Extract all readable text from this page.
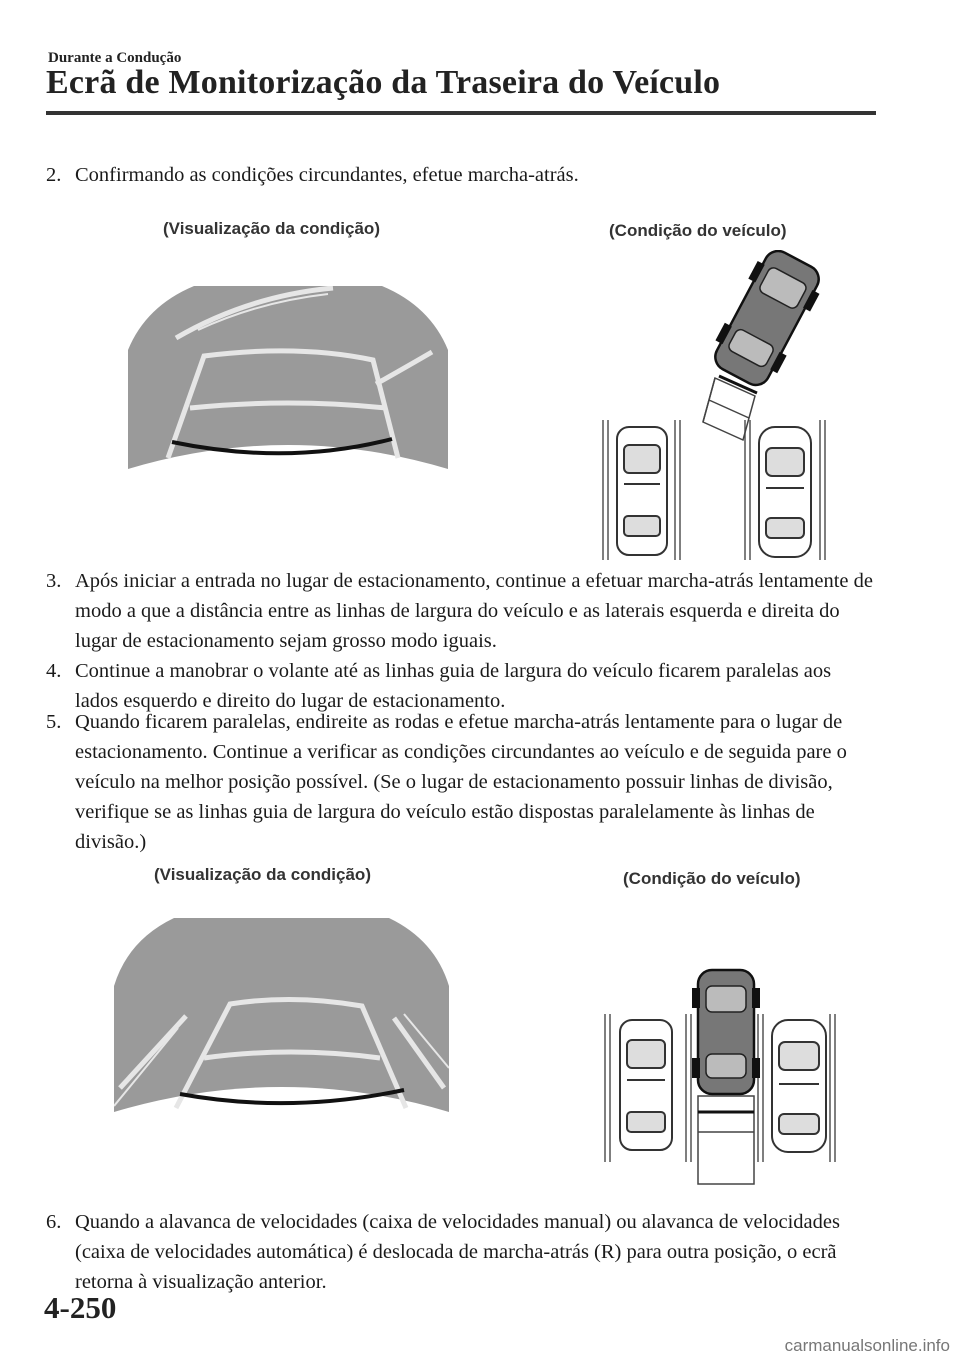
Durante a Condução
Ecrã de Monitorização da Traseira do Veículo
2. Confirmando as condições circundantes, efetue marcha-atrás.
(Visualização da condição)	(Condição do veículo)
Por favor, verifique a zona em volta para sua segurança.
3. Após iniciar a entrada no lugar de estacionamento, continue a efetuar marcha-atrás lentamente de modo a que a distância entre as linhas de largura do veículo e as laterais esquerda e direita do lugar de estacionamento sejam grosso modo iguais.
4. Continue a manobrar o volante até as linhas guia de largura do veículo ficarem paralelas aos lados esquerdo e direito do lugar de estacionamento.
5. Quando ficarem paralelas, endireite as rodas e efetue marcha-atrás lentamente para o lugar de estacionamento. Continue a verificar as condições circundantes ao veículo e de seguida pare o veículo na melhor posição possível. (Se o lugar de estacionamento possuir linhas de divisão, verifique se as linhas guia de largura do veículo estão dispostas paralelamente às linhas de divisão.)
(Visualização da condição)	(Condição do veículo)
Por favor, verifique a zona em volta para sua segurança.
6. Quando a alavanca de velocidades (caixa de velocidades manual) ou alavanca de velocidades (caixa de velocidades automática) é deslocada de marcha-atrás (R) para outra posição, o ecrã retorna à visualização anterior.
4-250
carmanualsonline.info
